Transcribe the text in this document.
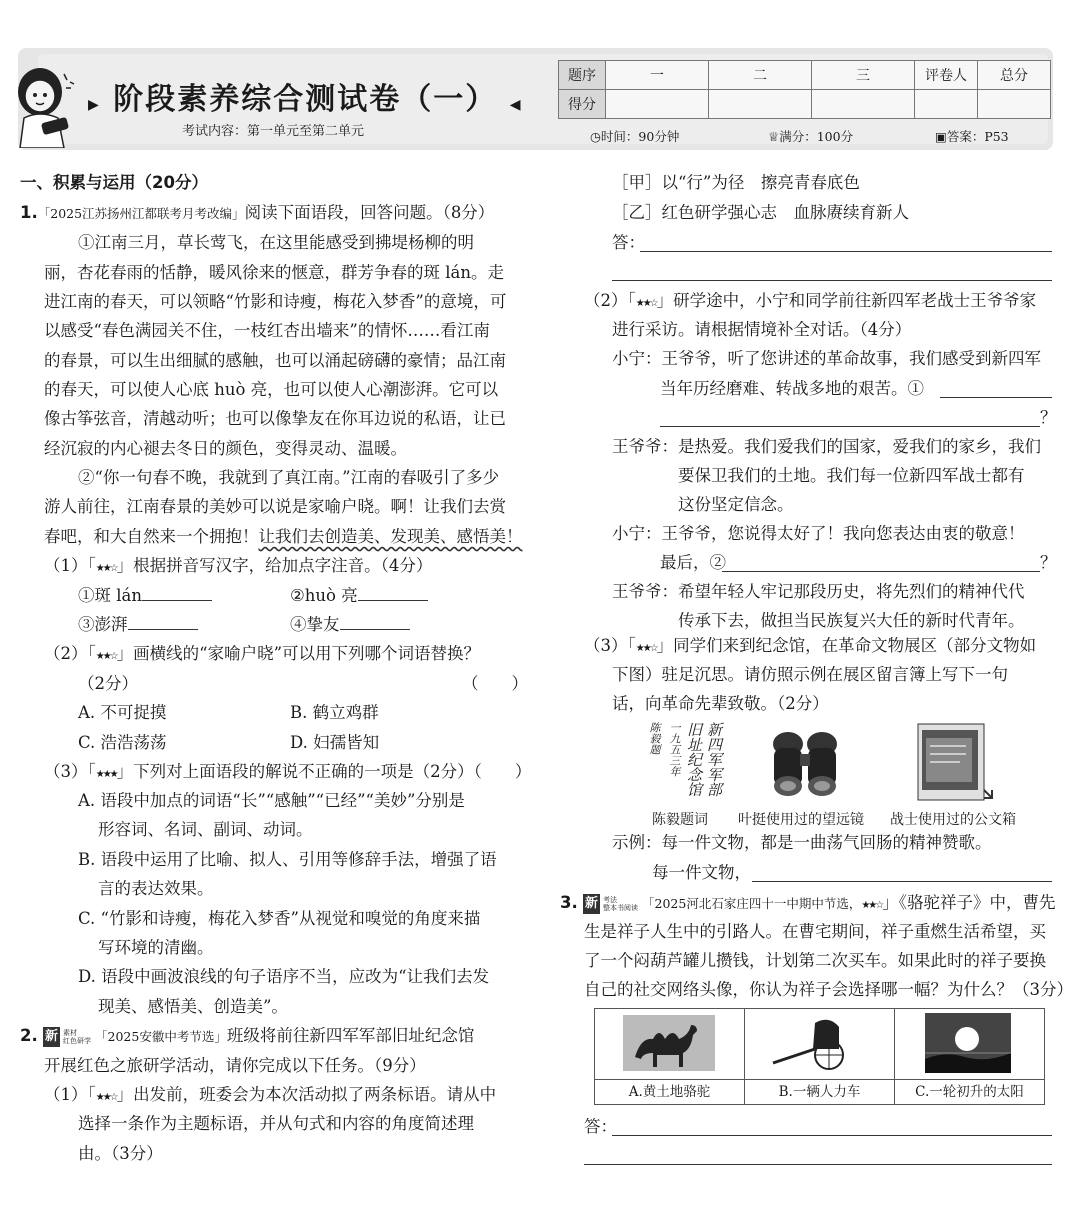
▶ 阶段素养综合测试卷（一） ◀
考试内容：第一单元至第二单元
题序	一	二	三	评卷人	总分
得分					
◷时间：90分钟	♕满分：100分	▣答案：P53
一、积累与运用（20分）
1.「2025江苏扬州江都联考月考改编」阅读下面语段，回答问题。（8分）
①江南三月，草长莺飞，在这里能感受到拂堤杨柳的明
丽，杏花春雨的恬静，暖风徐来的惬意，群芳争春的斑 lán。走
进江南的春天，可以领略“竹影和诗瘦，梅花入梦香”的意境，可
以感受“春色满园关不住，一枝红杏出墙来”的情怀……看江南
的春景，可以生出细腻的感触，也可以涌起磅礴的豪情；品江南
的春天，可以使人心底 huò 亮，也可以使人心潮澎湃。它可以
像古筝弦音，清越动听；也可以像挚友在你耳边说的私语，让已
经沉寂的内心褪去冬日的颜色，变得灵动、温暖。
②“你一句春不晚，我就到了真江南。”江南的春吸引了多少
游人前往，江南春景的美妙可以说是家喻户晓。啊！让我们去赏
春吧，和大自然来一个拥抱！让我们去创造美、发现美、感悟美！
（1）「★★☆」根据拼音写汉字，给加点字注音。（4分）
①斑 lán	②huò 亮
③澎湃	④挚友
（2）「★★☆」画横线的“家喻户晓”可以用下列哪个词语替换？
（2分）	（　　）
A. 不可捉摸	B. 鹤立鸡群
C. 浩浩荡荡	D. 妇孺皆知
（3）「★★★」下列对上面语段的解说不正确的一项是（2分）（　　）
A. 语段中加点的词语“长”“感触”“已经”“美妙”分别是
形容词、名词、副词、动词。
B. 语段中运用了比喻、拟人、引用等修辞手法，增强了语
言的表达效果。
C. “竹影和诗瘦，梅花入梦香”从视觉和嗅觉的角度来描
写环境的清幽。
D. 语段中画波浪线的句子语序不当，应改为“让我们去发
现美、感悟美、创造美”。
2. 新 素材
红色研学 「2025安徽中考节选」班级将前往新四军军部旧址纪念馆
开展红色之旅研学活动，请你完成以下任务。（9分）
（1）「★★☆」出发前，班委会为本次活动拟了两条标语。请从中
选择一条作为主题标语，并从句式和内容的角度简述理
由。（3分）
［甲］以“行”为径　擦亮青春底色
［乙］红色研学强心志　血脉赓续育新人
答：
（2）「★★☆」研学途中，小宁和同学前往新四军老战士王爷爷家
进行采访。请根据情境补全对话。（4分）
小宁：王爷爷，听了您讲述的革命故事，我们感受到新四军
当年历经磨难、转战多地的艰苦。①
？
王爷爷：是热爱。我们爱我们的国家，爱我们的家乡，我们
要保卫我们的土地。我们每一位新四军战士都有
这份坚定信念。
小宁：王爷爷，您说得太好了！我向您表达由衷的敬意！
最后，②	？
王爷爷：希望年轻人牢记那段历史，将先烈们的精神代代
传承下去，做担当民族复兴大任的新时代青年。
（3）「★★☆」同学们来到纪念馆，在革命文物展区（部分文物如
下图）驻足沉思。请仿照示例在展区留言簿上写下一句
话，向革命先辈致敬。（2分）
新四军军部
旧址纪念馆
一九五三年
陈毅题
陈毅题词 叶挺使用过的望远镜 战士使用过的公文箱
示例：每一件文物，都是一曲荡气回肠的精神赞歌。
每一件文物，
3. 新 考法
整本书阅读 「2025河北石家庄四十一中期中节选，★★☆」《骆驼祥子》中，曹先
生是祥子人生中的引路人。在曹宅期间，祥子重燃生活希望，买
了一个闷葫芦罐儿攒钱，计划第二次买车。如果此时的祥子要换
自己的社交网络头像，你认为祥子会选择哪一幅？为什么？（3分）
A.黄土地骆驼	B.一辆人力车	C.一轮初升的太阳
答：
